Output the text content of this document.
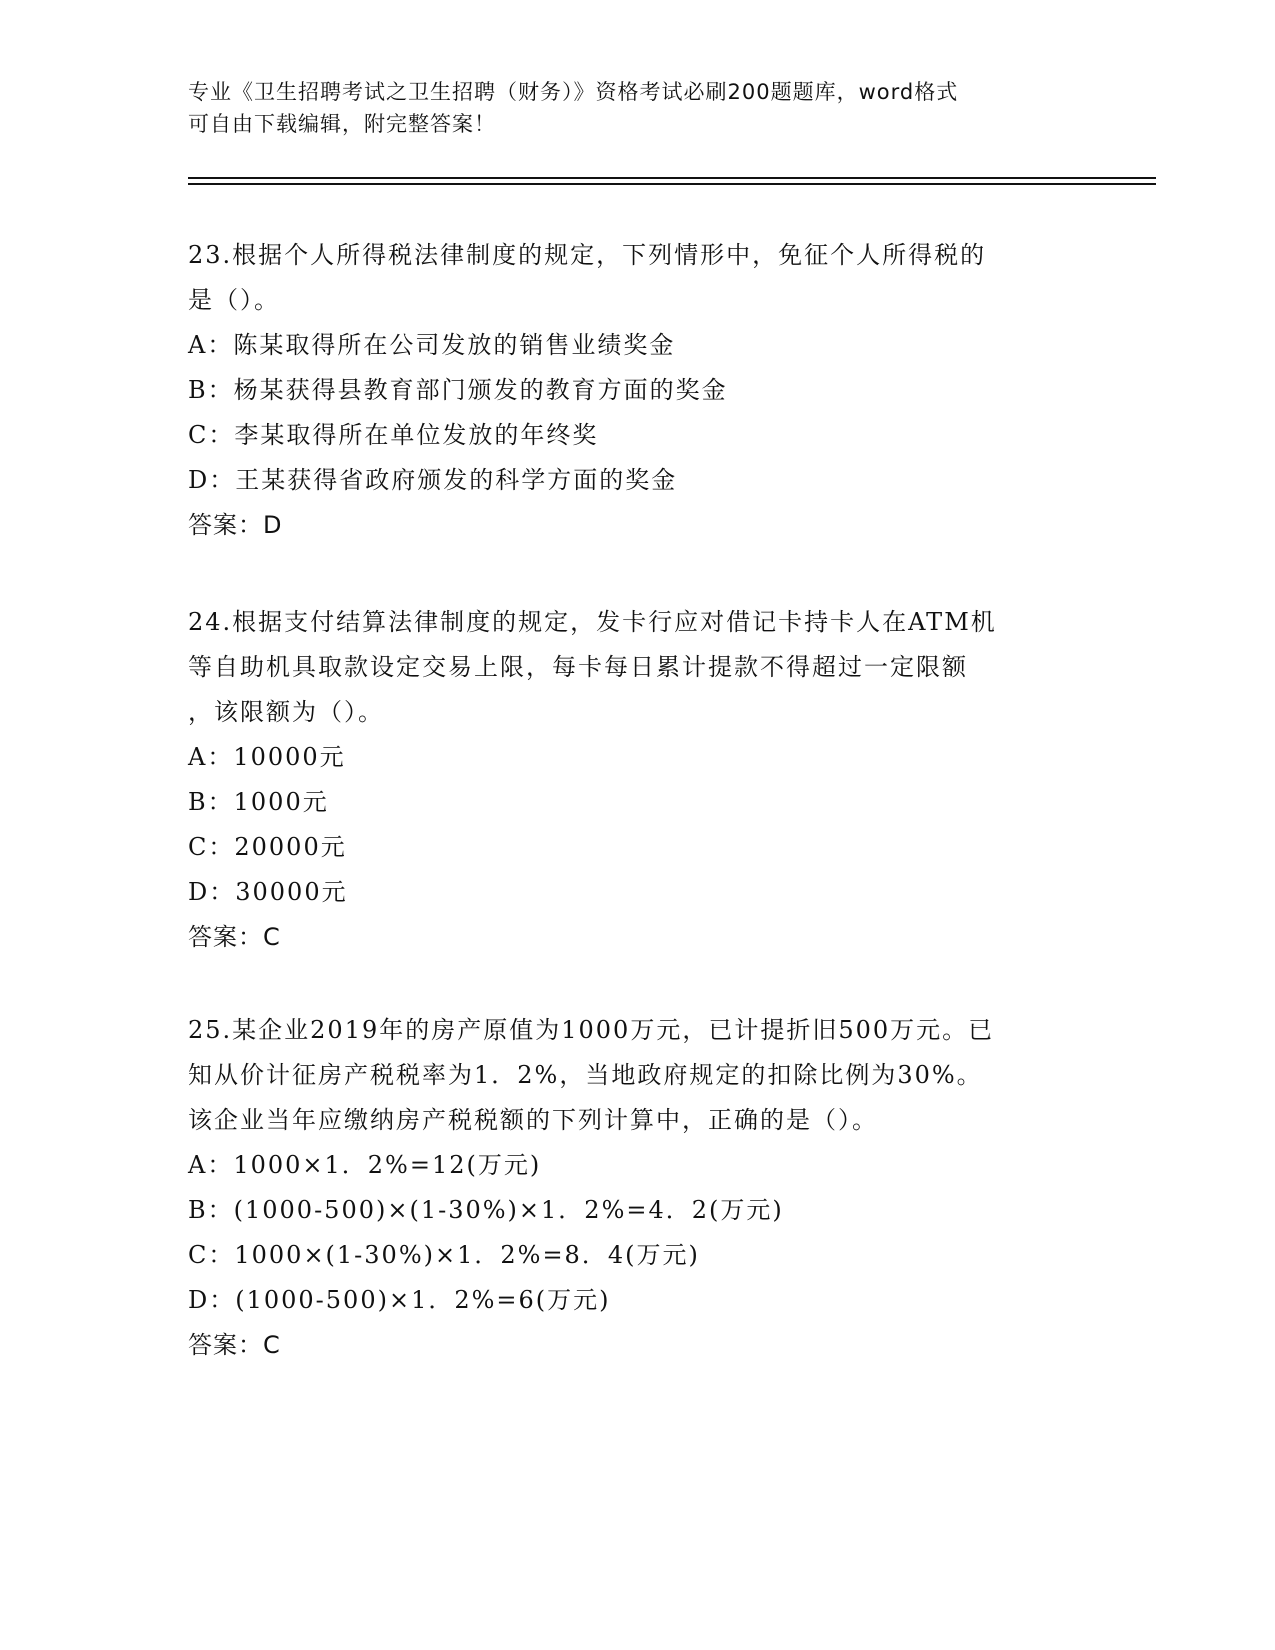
专业《卫生招聘考试之卫生招聘（财务）》资格考试必刷200题题库，word格式
可自由下载编辑，附完整答案！
23.根据个人所得税法律制度的规定，下列情形中，免征个人所得税的
是（）。
A：陈某取得所在公司发放的销售业绩奖金
B：杨某获得县教育部门颁发的教育方面的奖金
C：李某取得所在单位发放的年终奖
D：王某获得省政府颁发的科学方面的奖金
答案：D
24.根据支付结算法律制度的规定，发卡行应对借记卡持卡人在ATM机
等自助机具取款设定交易上限，每卡每日累计提款不得超过一定限额
，该限额为（）。
A：10000元
B：1000元
C：20000元
D：30000元
答案：C
25.某企业2019年的房产原值为1000万元，已计提折旧500万元。已
知从价计征房产税税率为1．2%，当地政府规定的扣除比例为30%。
该企业当年应缴纳房产税税额的下列计算中，正确的是（）。
A：1000×1．2%=12(万元)
B：(1000-500)×(1-30%)×1．2%=4．2(万元)
C：1000×(1-30%)×1．2%=8．4(万元)
D：(1000-500)×1．2%=6(万元)
答案：C
